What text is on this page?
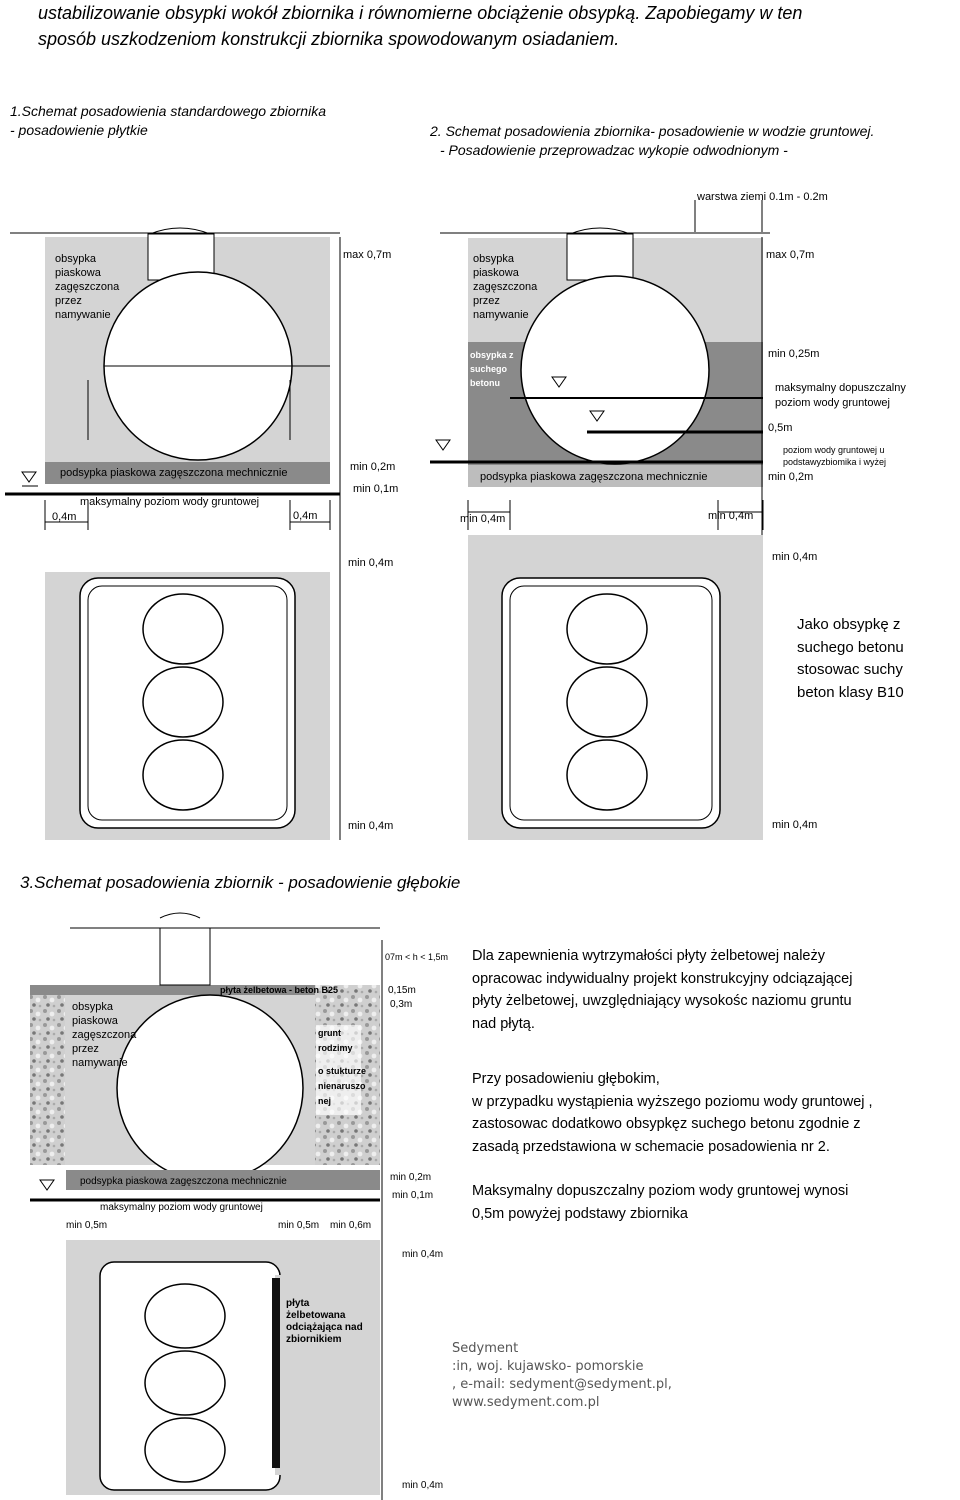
ustabilizowanie obsypki wokół zbiornika i równomierne obciążenie obsypką. Zapobiegamy w ten
sposób uszkodzeniom konstrukcji zbiornika spowodowanym osiadaniem.
1.Schemat posadowienia standardowego zbiornika
- posadowienie płytkie	2. Schemat posadowienia zbiornika- posadowienie w wodzie gruntowej.
- Posadowienie przeprowadzac wykopie odwodnionym -
obsypka piaskowa zagęszczona przez namywanie
max 0,7m
podsypka piaskowa zagęszczona mechnicznie	min 0,2m
min 0,1m
maksymalny poziom wody gruntowej
0,4m	0,4m
min 0,4m
min 0,4m
warstwa ziemi 0.1m - 0.2m
obsypka piaskowa zagęszczona przez namywanie
obsypka z suchego betonu
max 0,7m
min 0,25m
maksymalny dopuszczalny poziom wody gruntowej
0,5m
poziom wody gruntowej u podstawyzbiomika i wyżej
min 0,2m
podsypka piaskowa zagęszczona mechnicznie
min 0,4m	min 0,4m
min 0,4m
min 0,4m
07m < h < 1,5m
0,15m
0,3m
płyta żelbetowa - beton B25
obsypka piaskowa zagęszczona przez namywanie
grunt rodzimy o stukturze nienaruszo nej
podsypka piaskowa zagęszczona mechnicznie	min 0,2m
min 0,1m
maksymalny poziom wody gruntowej
min 0,5m	min 0,5m min 0,6m
płyta żelbetowana odciążająca nad zbiornikiem
min 0,4m
min 0,4m
Jako obsypkę z
suchego betonu
stosowac suchy
beton klasy B10
3.Schemat posadowienia zbiornik - posadowienie głębokie
Dla zapewnienia wytrzymałości płyty żelbetowej należy
opracowac indywidualny projekt konstrukcyjny odciązającej
płyty żelbetowej, uwzględniający wysokośc naziomu gruntu
nad płytą.
Przy posadowieniu głębokim,
w przypadku wystąpienia wyższego poziomu wody gruntowej ,
zastosowac dodatkowo obsypkęz suchego betonu zgodnie z
zasadą przedstawiona w schemacie posadowienia nr 2.
Maksymalny dopuszczalny poziom wody gruntowej wynosi
0,5m powyżej podstawy zbiornika
Sedyment
:in, woj. kujawsko- pomorskie
, e-mail: sedyment@sedyment.pl,
www.sedyment.com.pl
